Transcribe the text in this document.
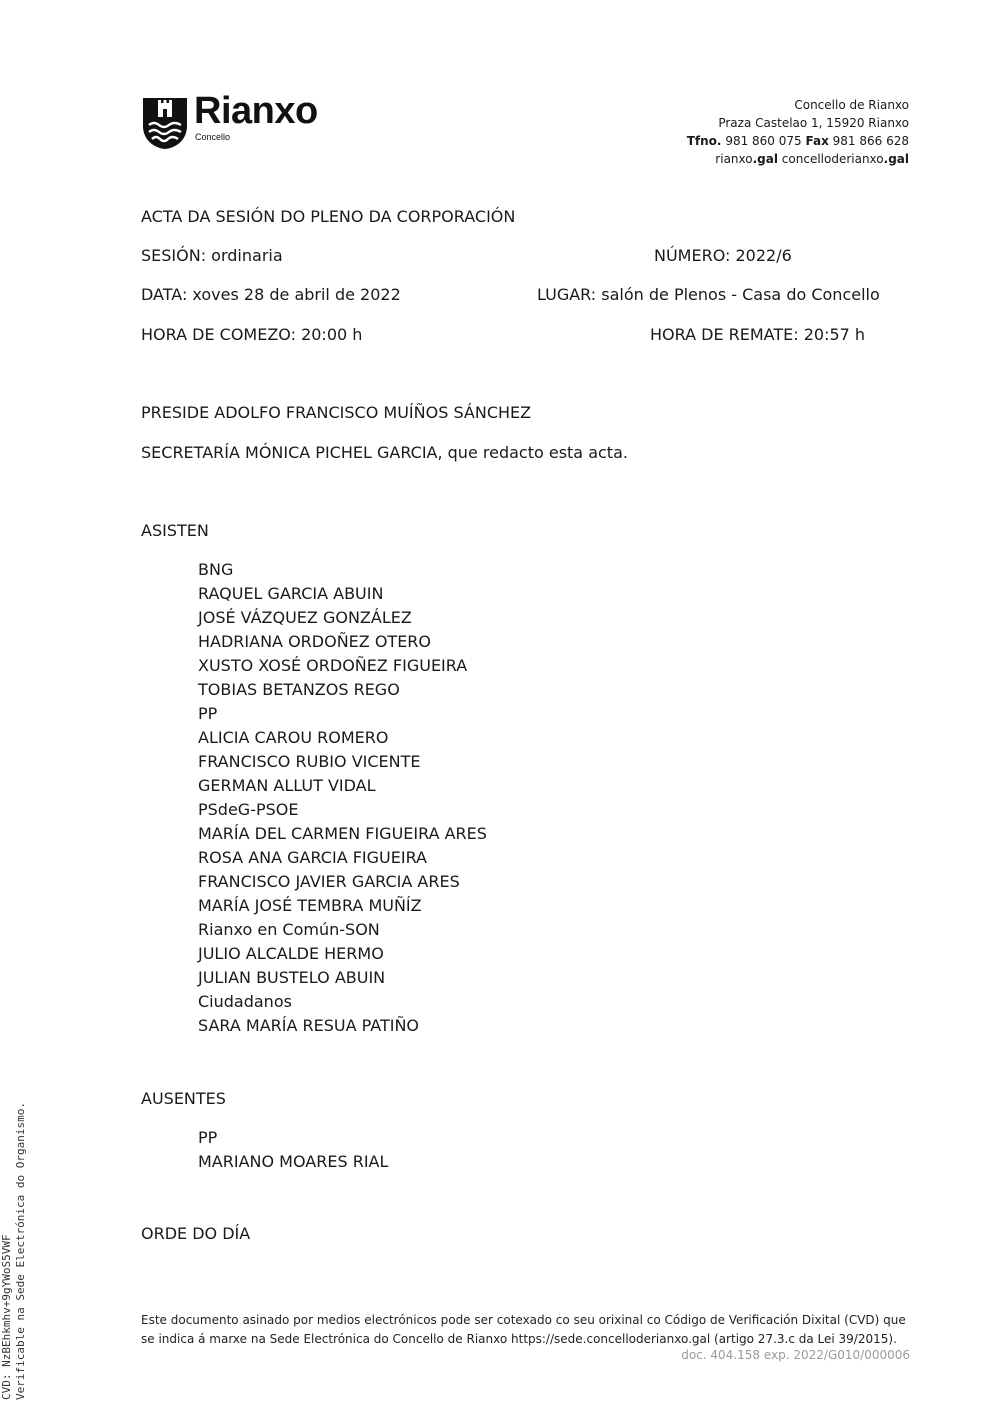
Rianxo
Concello
Concello de Rianxo
Praza Castelao 1, 15920 Rianxo
Tfno. 981 860 075 Fax 981 866 628
rianxo.gal concelloderianxo.gal
ACTA DA SESIÓN DO PLENO DA CORPORACIÓN
SESIÓN: ordinaria	NÚMERO: 2022/6
DATA: xoves 28 de abril de 2022	LUGAR: salón de Plenos - Casa do Concello
HORA DE COMEZO: 20:00 h	HORA DE REMATE: 20:57 h
PRESIDE ADOLFO FRANCISCO MUÍÑOS SÁNCHEZ
SECRETARÍA MÓNICA PICHEL GARCIA, que redacto esta acta.
ASISTEN
BNG
RAQUEL GARCIA ABUIN
JOSÉ VÁZQUEZ GONZÁLEZ
HADRIANA ORDOÑEZ OTERO
XUSTO XOSÉ ORDOÑEZ FIGUEIRA
TOBIAS BETANZOS REGO
PP
ALICIA CAROU ROMERO
FRANCISCO RUBIO VICENTE
GERMAN ALLUT VIDAL
PSdeG-PSOE
MARÍA DEL CARMEN FIGUEIRA ARES
ROSA ANA GARCIA FIGUEIRA
FRANCISCO JAVIER GARCIA ARES
MARÍA JOSÉ TEMBRA MUÑÍZ
Rianxo en Común-SON
JULIO ALCALDE HERMO
JULIAN BUSTELO ABUIN
Ciudadanos
SARA MARÍA RESUA PATIÑO
AUSENTES
PP
MARIANO MOARES RIAL
ORDE DO DÍA
Este documento asinado por medios electrónicos pode ser cotexado co seu orixinal co Código de Verificación Dixital (CVD) que se indica á marxe na Sede Electrónica do Concello de Rianxo https://sede.concelloderianxo.gal (artigo 27.3.c da Lei 39/2015).
doc. 404.158 exp. 2022/G010/000006
CVD: NzBEhkmhv+9gYWoS5VWF Verificable na Sede Electrónica do Organismo.
